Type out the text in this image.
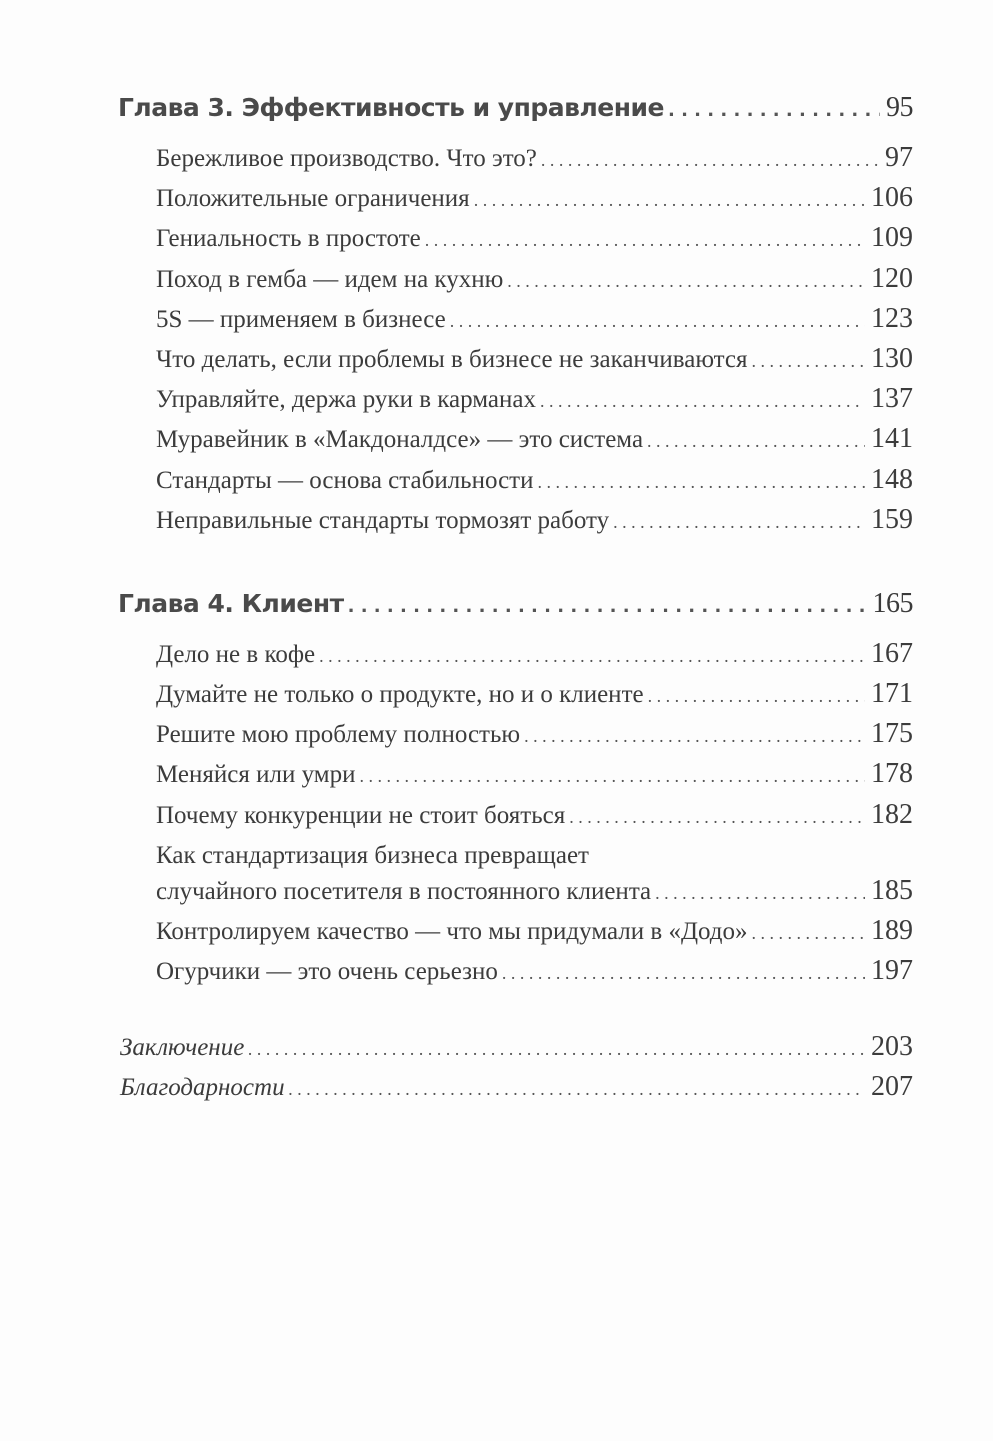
Глава 3. Эффективность и управление . . .	95
Бережливое производство. Что это? . . .	97
Положительные ограничения . . .	106
Гениальность в простоте . . .	109
Поход в гемба — идем на кухню . . .	120
5S — применяем в бизнесе . . .	123
Что делать, если проблемы в бизнесе не заканчиваются . . .	130
Управляйте, держа руки в карманах . . .	137
Муравейник в «Макдоналдсе» — это система . . .	141
Стандарты — основа стабильности . . .	148
Неправильные стандарты тормозят работу . . .	159
Глава 4. Клиент . . .	165
Дело не в кофе . . .	167
Думайте не только о продукте, но и о клиенте . . .	171
Решите мою проблему полностью . . .	175
Меняйся или умри . . .	178
Почему конкуренции не стоит бояться . . .	182
Как стандартизация бизнеса превращает
случайного посетителя в постоянного клиента . . .	185
Контролируем качество — что мы придумали в «Додо» . . .	189
Огурчики — это очень серьезно . . .	197
Заключение . . .	203
Благодарности . . .	207
